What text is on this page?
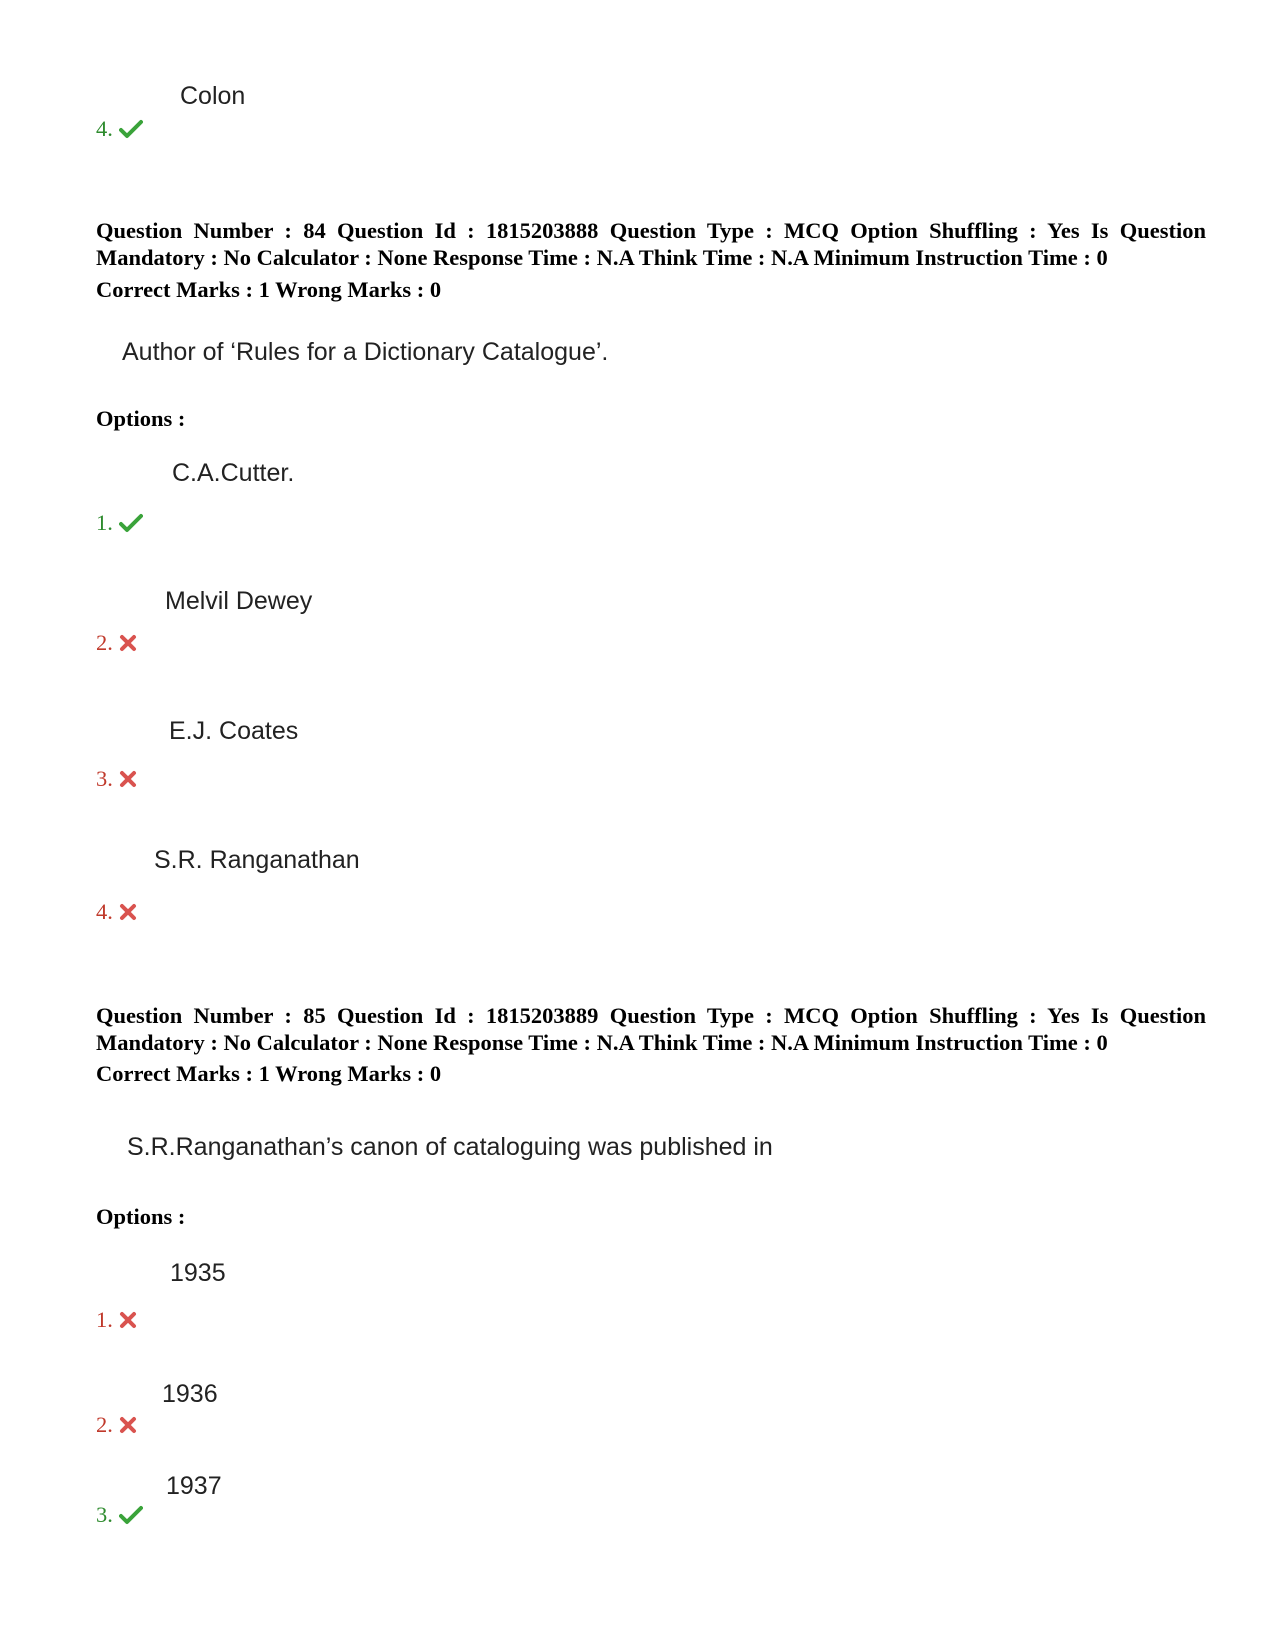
Colon
4.
Question Number : 84 Question Id : 1815203888 Question Type : MCQ Option Shuffling : Yes Is Question Mandatory : No Calculator : None Response Time : N.A Think Time : N.A Minimum Instruction Time : 0
Correct Marks : 1 Wrong Marks : 0
Author of ‘Rules for a Dictionary Catalogue’.
Options :
C.A.Cutter.
1.
Melvil Dewey
2.
E.J. Coates
3.
S.R. Ranganathan
4.
Question Number : 85 Question Id : 1815203889 Question Type : MCQ Option Shuffling : Yes Is Question Mandatory : No Calculator : None Response Time : N.A Think Time : N.A Minimum Instruction Time : 0
Correct Marks : 1 Wrong Marks : 0
S.R.Ranganathan’s canon of cataloguing was published in
Options :
1935
1.
1936
2.
1937
3.
